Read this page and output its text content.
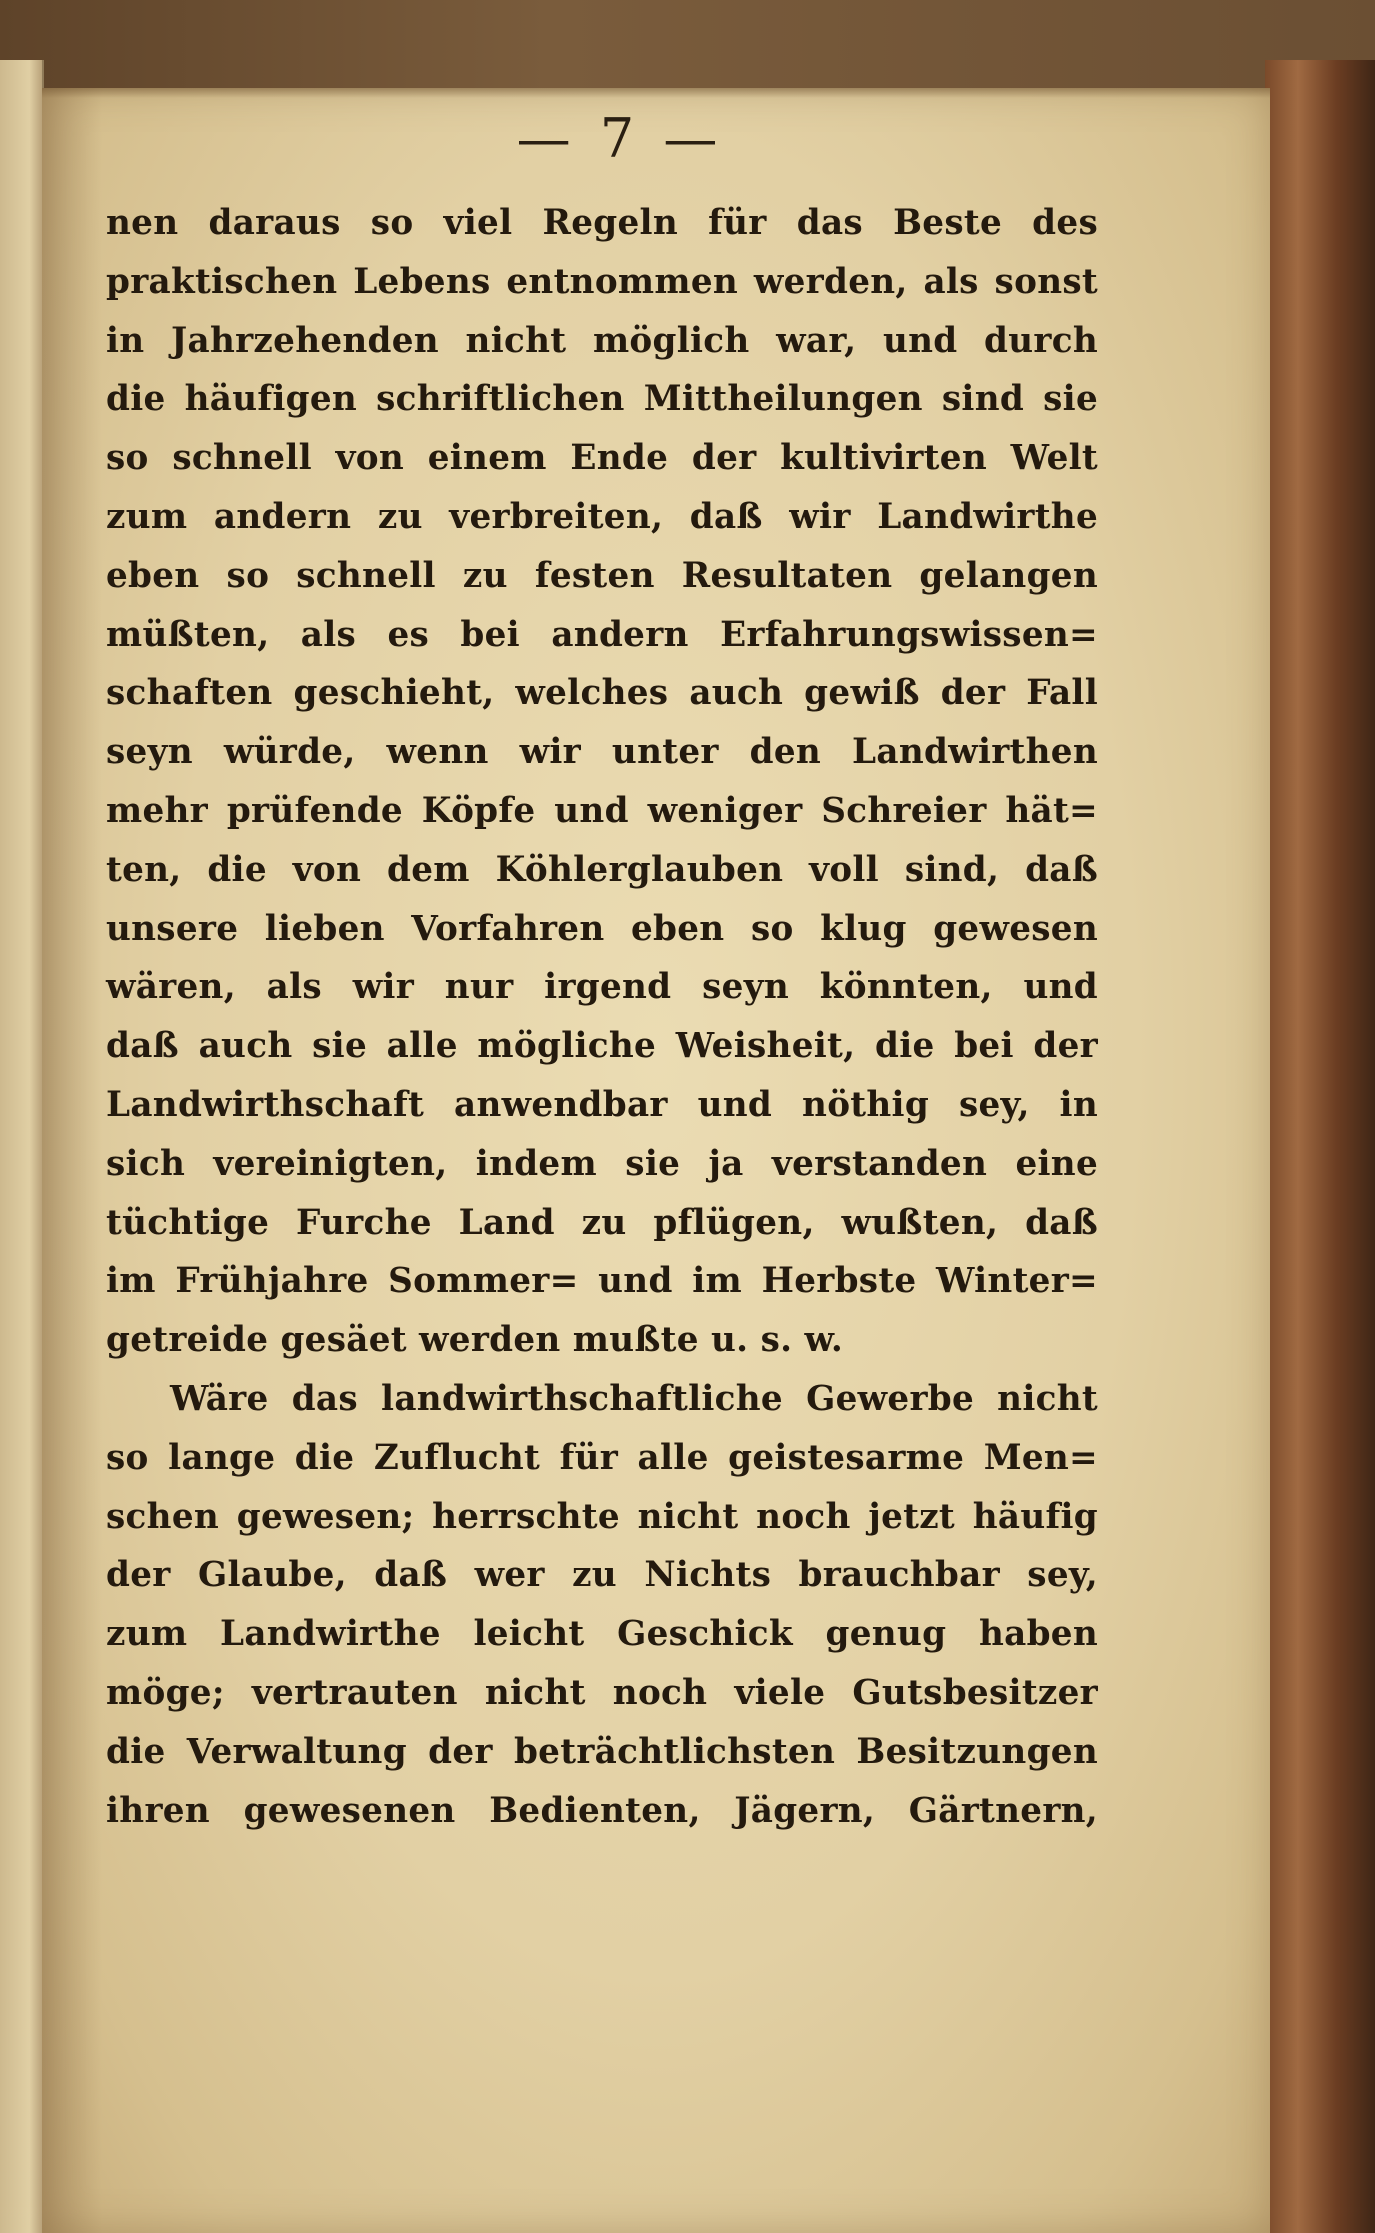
— 7 —
nen daraus so viel Regeln für das Beste des
praktischen Lebens entnommen werden, als sonst
in Jahrzehenden nicht möglich war, und durch
die häufigen schriftlichen Mittheilungen sind sie
so schnell von einem Ende der kultivirten Welt
zum andern zu verbreiten, daß wir Landwirthe
eben so schnell zu festen Resultaten gelangen
müßten, als es bei andern Erfahrungswissen=
schaften geschieht, welches auch gewiß der Fall
seyn würde, wenn wir unter den Landwirthen
mehr prüfende Köpfe und weniger Schreier hät=
ten, die von dem Köhlerglauben voll sind, daß
unsere lieben Vorfahren eben so klug gewesen
wären, als wir nur irgend seyn könnten, und
daß auch sie alle mögliche Weisheit, die bei der
Landwirthschaft anwendbar und nöthig sey, in
sich vereinigten, indem sie ja verstanden eine
tüchtige Furche Land zu pflügen, wußten, daß
im Frühjahre Sommer= und im Herbste Winter=
getreide gesäet werden mußte u. s. w.
Wäre das landwirthschaftliche Gewerbe nicht
so lange die Zuflucht für alle geistesarme Men=
schen gewesen; herrschte nicht noch jetzt häufig
der Glaube, daß wer zu Nichts brauchbar sey,
zum Landwirthe leicht Geschick genug haben
möge; vertrauten nicht noch viele Gutsbesitzer
die Verwaltung der beträchtlichsten Besitzungen
ihren gewesenen Bedienten, Jägern, Gärtnern,
